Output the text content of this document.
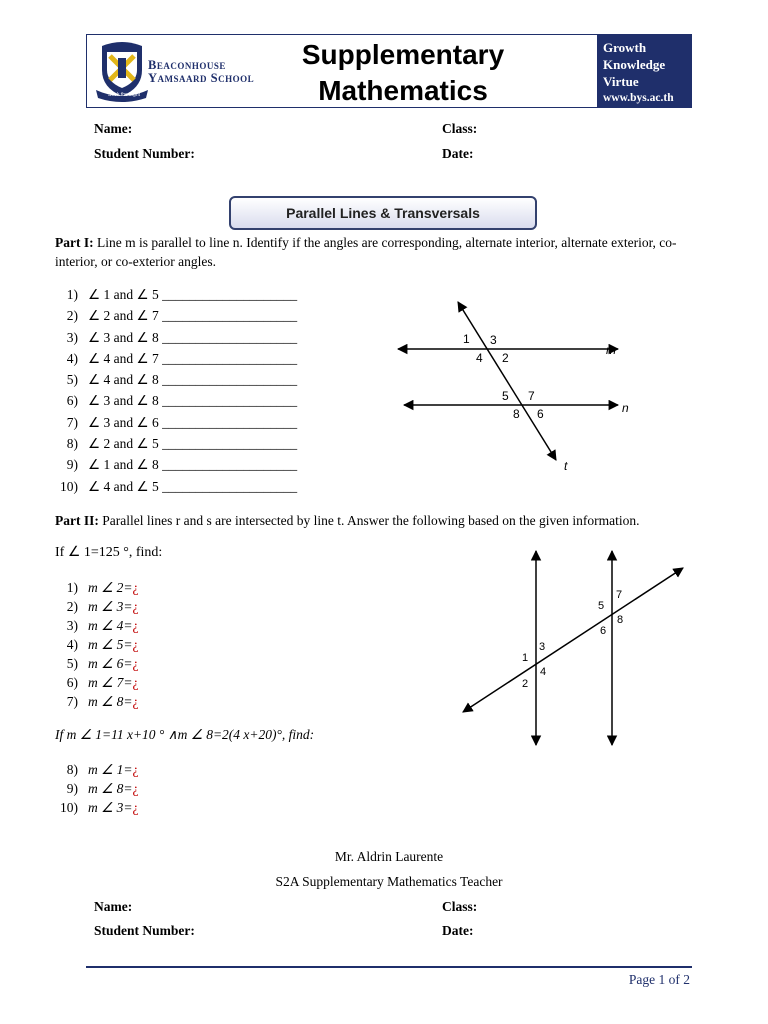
Seek the Light
Beaconhouse
Yamsaard School
Supplementary
Mathematics
Growth
Knowledge
Virtue
www.bys.ac.th
Name:	Class:
Student Number:	Date:
Parallel Lines & Transversals
Part I: Line m is parallel to line n. Identify if the angles are corresponding, alternate interior, alternate exterior, co-interior, or co-exterior angles.
1) ∠ 1 and ∠ 5 ____________________
2) ∠ 2 and ∠ 7 ____________________
3) ∠ 3 and ∠ 8 ____________________
4) ∠ 4 and ∠ 7 ____________________
5) ∠ 4 and ∠ 8 ____________________
6) ∠ 3 and ∠ 8 ____________________
7) ∠ 3 and ∠ 6 ____________________
8) ∠ 2 and ∠ 5 ____________________
9) ∠ 1 and ∠ 8 ____________________
10) ∠ 4 and ∠ 5 ____________________
m
n
t
1 3
4 2
5 7
8 6
Part II: Parallel lines r and s are intersected by line t. Answer the following based on the given information.
If ∠ 1=125 °, find:
1) m ∠ 2=¿
2) m ∠ 3=¿
3) m ∠ 4=¿
4) m ∠ 5=¿
5) m ∠ 6=¿
6) m ∠ 7=¿
7) m ∠ 8=¿
If m ∠ 1=11 x+10 ° ∧m ∠ 8=2(4 x+20)°, find:
8) m ∠ 1=¿
9) m ∠ 8=¿
10) m ∠ 3=¿
1
2
3
4
5
6
7
8
Mr. Aldrin Laurente
S2A Supplementary Mathematics Teacher
Name:	Class:
Student Number:	Date:
Page 1 of 2
